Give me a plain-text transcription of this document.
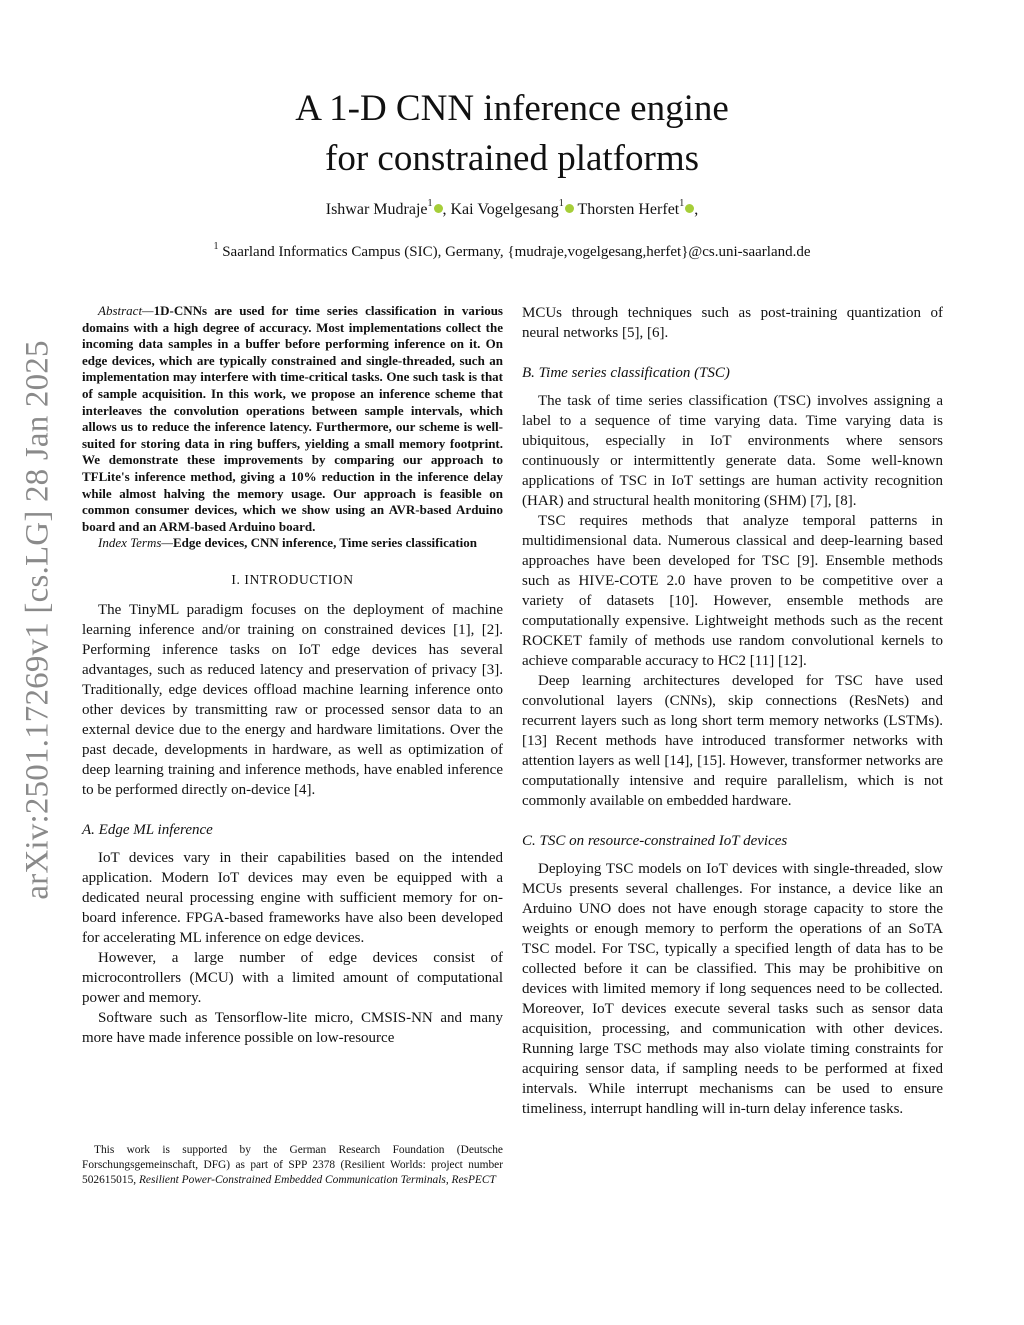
arXiv:2501.17269v1 [cs.LG] 28 Jan 2025
A 1-D CNN inference engine
for constrained platforms
Ishwar Mudraje$^1$ , Kai Vogelgesang$^1$ Thorsten Herfet$^1$ ,
$^1$ Saarland Informatics Campus (SIC), Germany, {mudraje,vogelgesang,herfet}@cs.uni-saarland.de

Abstract—1D-CNNs are used for time series classification in various domains with a high degree of accuracy. Most implementations collect the incoming data samples in a buffer before performing inference on it. On edge devices, which are typically constrained and single-threaded, such an implementation may interfere with time-critical tasks. One such task is that of sample acquisition. In this work, we propose an inference scheme that interleaves the convolution operations between sample intervals, which allows us to reduce the inference latency. Furthermore, our scheme is well-suited for storing data in ring buffers, yielding a small memory footprint. We demonstrate these improvements by comparing our approach to TFLite's inference method, giving a 10% reduction in the inference delay while almost halving the memory usage. Our approach is feasible on common consumer devices, which we show using an AVR-based Arduino board and an ARM-based Arduino board.

Index Terms—Edge devices, CNN inference, Time series classification

I. INTRODUCTION

The TinyML paradigm focuses on the deployment of machine learning inference and/or training on constrained devices [1], [2]. Performing inference tasks on IoT edge devices has several advantages, such as reduced latency and preservation of privacy [3]. Traditionally, edge devices offload machine learning inference onto other devices by transmitting raw or processed sensor data to an external device due to the energy and hardware limitations. Over the past decade, developments in hardware, as well as optimization of deep learning training and inference methods, have enabled inference to be performed directly on-device [4].

A. Edge ML inference

IoT devices vary in their capabilities based on the intended application. Modern IoT devices may even be equipped with a dedicated neural processing engine with sufficient memory for on-board inference. FPGA-based frameworks have also been developed for accelerating ML inference on edge devices.

However, a large number of edge devices consist of microcontrollers (MCU) with a limited amount of computational power and memory.

Software such as Tensorflow-lite micro, CMSIS-NN and many more have made inference possible on low-resource

This work is supported by the German Research Foundation (Deutsche Forschungsgemeinschaft, DFG) as part of SPP 2378 (Resilient Worlds: project number 502615015, Resilient Power-Constrained Embedded Communication Terminals, ResPECT

MCUs through techniques such as post-training quantization of neural networks [5], [6].

B. Time series classification (TSC)

The task of time series classification (TSC) involves assigning a label to a sequence of time varying data. Time varying data is ubiquitous, especially in IoT environments where sensors continuously or intermittently generate data. Some well-known applications of TSC in IoT settings are human activity recognition (HAR) and structural health monitoring (SHM) [7], [8].

TSC requires methods that analyze temporal patterns in multidimensional data. Numerous classical and deep-learning based approaches have been developed for TSC [9]. Ensemble methods such as HIVE-COTE 2.0 have proven to be competitive over a variety of datasets [10]. However, ensemble methods are computationally expensive. Lightweight methods such as the recent ROCKET family of methods use random convolutional kernels to achieve comparable accuracy to HC2 [11] [12].

Deep learning architectures developed for TSC have used convolutional layers (CNNs), skip connections (ResNets) and recurrent layers such as long short term memory networks (LSTMs). [13] Recent methods have introduced transformer networks with attention layers as well [14], [15]. However, transformer networks are computationally intensive and require parallelism, which is not commonly available on embedded hardware.

C. TSC on resource-constrained IoT devices

Deploying TSC models on IoT devices with single-threaded, slow MCUs presents several challenges. For instance, a device like an Arduino UNO does not have enough storage capacity to store the weights or enough memory to perform the operations of an SoTA TSC model. For TSC, typically a specified length of data has to be collected before it can be classified. This may be prohibitive on devices with limited memory if long sequences need to be collected. Moreover, IoT devices execute several tasks such as sensor data acquisition, processing, and communication with other devices. Running large TSC methods may also violate timing constraints for acquiring sensor data, if sampling needs to be performed at fixed intervals. While interrupt mechanisms can be used to ensure timeliness, interrupt handling will in-turn delay inference tasks.
